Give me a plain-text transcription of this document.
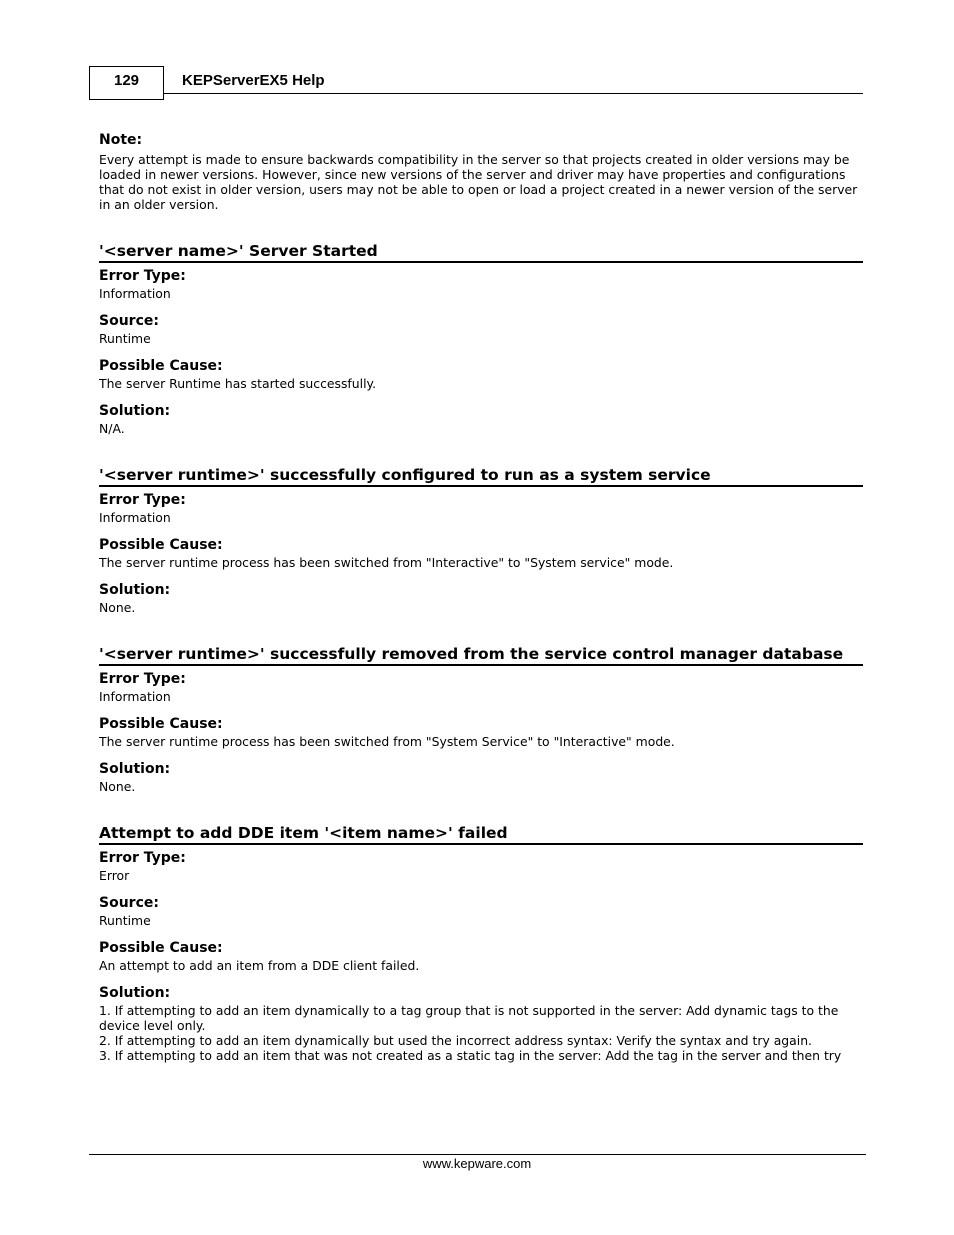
129	KEPServerEX5 Help

Note:

Every attempt is made to ensure backwards compatibility in the server so that projects created in older versions may be loaded in newer versions. However, since new versions of the server and driver may have properties and configurations that do not exist in older version, users may not be able to open or load a project created in a newer version of the server in an older version.

'<server name>' Server Started

Error Type:

Information

Source:

Runtime

Possible Cause:

The server Runtime has started successfully.

Solution:

N/A.

'<server runtime>' successfully configured to run as a system service

Error Type:

Information

Possible Cause:

The server runtime process has been switched from "Interactive" to "System service" mode.

Solution:

None.

'<server runtime>' successfully removed from the service control manager database

Error Type:

Information

Possible Cause:

The server runtime process has been switched from "System Service" to "Interactive" mode.

Solution:

None.

Attempt to add DDE item '<item name>' failed

Error Type:

Error

Source:

Runtime

Possible Cause:

An attempt to add an item from a DDE client failed.

Solution:

1. If attempting to add an item dynamically to a tag group that is not supported in the server: Add dynamic tags to the device level only.

2. If attempting to add an item dynamically but used the incorrect address syntax: Verify the syntax and try again.

3. If attempting to add an item that was not created as a static tag in the server: Add the tag in the server and then try

www.kepware.com
